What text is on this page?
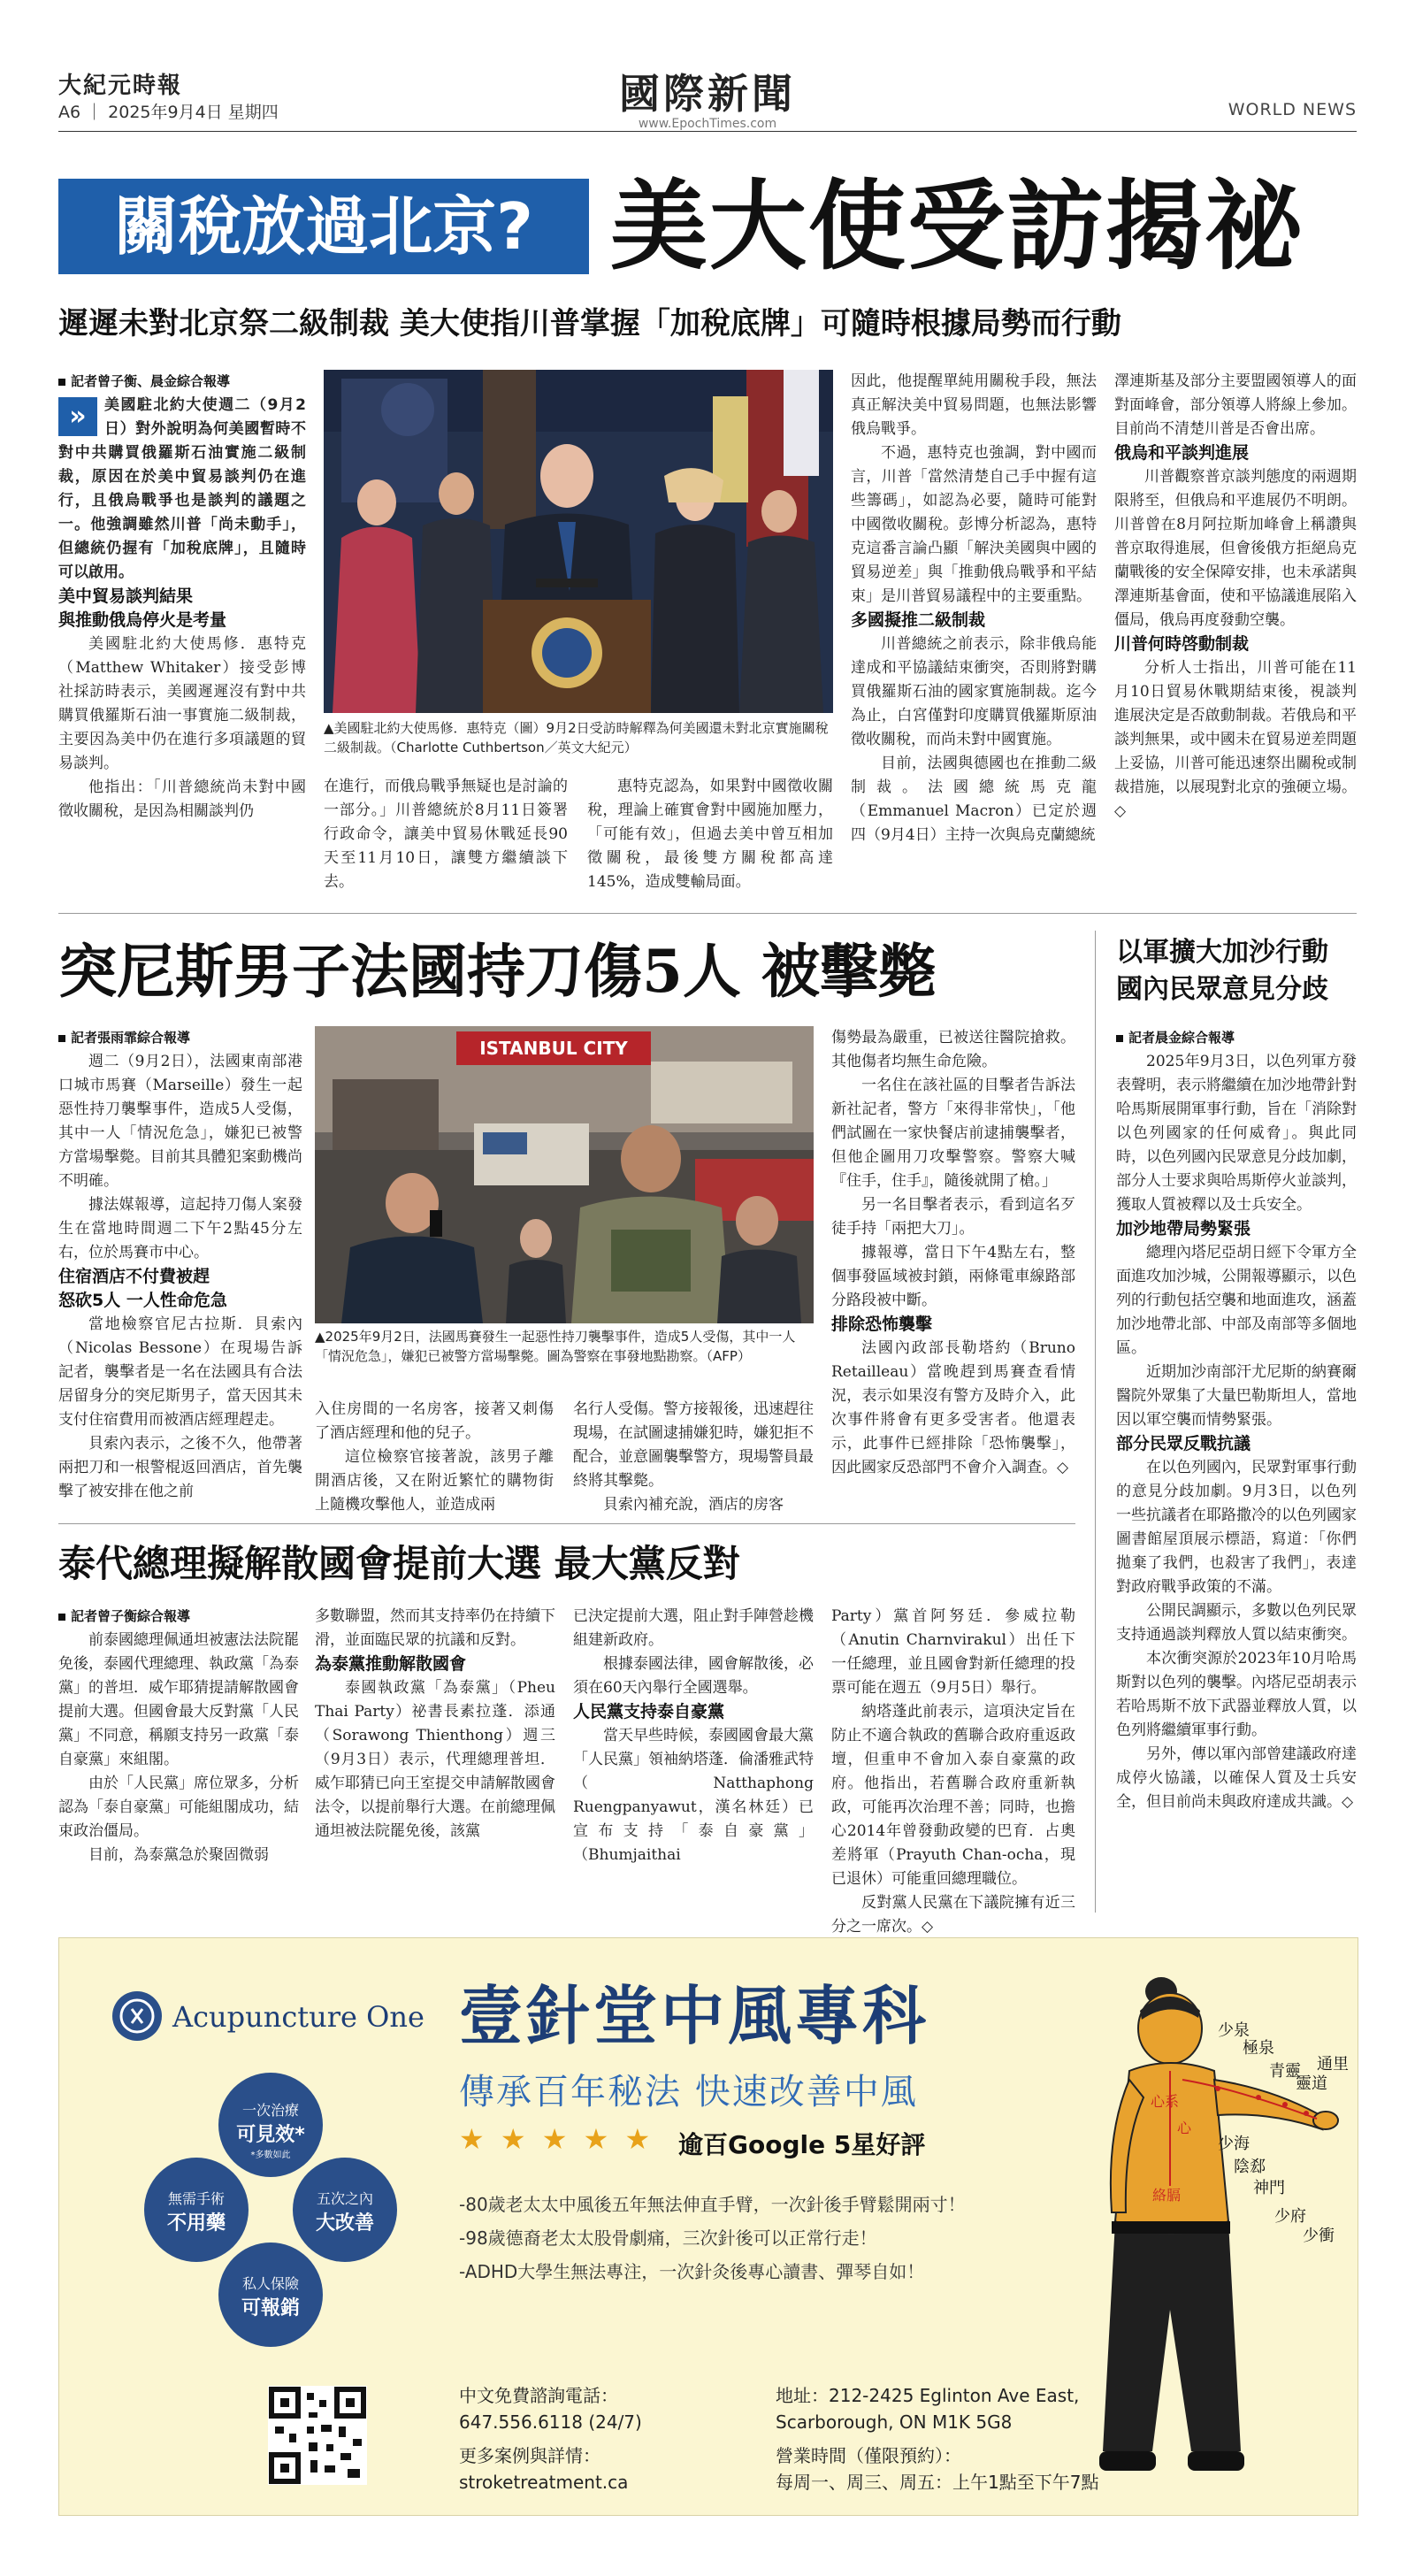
大紀元時報
A6 ｜ 2025年9月4日 星期四	國際新聞
www.EpochTimes.com
WORLD NEWS
關稅放過北京? 美大使受訪揭祕
遲遲未對北京祭二級制裁 美大使指川普掌握「加稅底牌」可隨時根據局勢而行動

記者曾子衡、晨金綜合報導

»	美國駐北約大使週二（9月2日）對外說明為何美國暫時不對中共購買俄羅斯石油實施二級制裁，原因在於美中貿易談判仍在進行，且俄烏戰爭也是談判的議題之一。他強調雖然川普「尚未動手」，但總統仍握有「加稅底牌」，且隨時可以啟用。

美中貿易談判結果
與推動俄烏停火是考量

美國駐北約大使馬修．惠特克（Matthew Whitaker）接受彭博社採訪時表示，美國遲遲沒有對中共購買俄羅斯石油一事實施二級制裁，主要因為美中仍在進行多項議題的貿易談判。

他指出：「川普總統尚未對中國徵收關稅，是因為相關談判仍

▲美國駐北約大使馬修．惠特克（圖）9月2日受訪時解釋為何美國還未對北京實施關稅二級制裁。（Charlotte Cuthbertson／英文大紀元）

在進行，而俄烏戰爭無疑也是討論的一部分。」川普總統於8月11日簽署行政命令，讓美中貿易休戰延長90天至11月10日，讓雙方繼續談下去。

惠特克認為，如果對中國徵收關稅，理論上確實會對中國施加壓力，「可能有效」，但過去美中曾互相加徵關稅，最後雙方關稅都高達145%，造成雙輸局面。

因此，他提醒單純用關稅手段，無法真正解決美中貿易問題，也無法影響俄烏戰爭。

不過，惠特克也強調，對中國而言，川普「當然清楚自己手中握有這些籌碼」，如認為必要，隨時可能對中國徵收關稅。彭博分析認為，惠特克這番言論凸顯「解決美國與中國的貿易逆差」與「推動俄烏戰爭和平結束」是川普貿易議程中的主要重點。

多國擬推二級制裁

川普總統之前表示，除非俄烏能達成和平協議結束衝突，否則將對購買俄羅斯石油的國家實施制裁。迄今為止，白宮僅對印度購買俄羅斯原油徵收關稅，而尚未對中國實施。

目前，法國與德國也在推動二級制裁。法國總統馬克龍（Emmanuel Macron）已定於週四（9月4日）主持一次與烏克蘭總統

澤連斯基及部分主要盟國領導人的面對面峰會，部分領導人將線上參加。目前尚不清楚川普是否會出席。

俄烏和平談判進展

川普觀察普京談判態度的兩週期限將至，但俄烏和平進展仍不明朗。川普曾在8月阿拉斯加峰會上稱讚與普京取得進展，但會後俄方拒絕烏克蘭戰後的安全保障安排，也未承諾與澤連斯基會面，使和平協議進展陷入僵局，俄烏再度發動空襲。

川普何時啓動制裁

分析人士指出，川普可能在11月10日貿易休戰期結束後，視談判進展決定是否啟動制裁。若俄烏和平談判無果，或中國未在貿易逆差問題上妥協，川普可能迅速祭出關稅或制裁措施，以展現對北京的強硬立場。◇

突尼斯男子法國持刀傷5人 被擊斃

記者張雨霏綜合報導

週二（9月2日），法國東南部港口城市馬賽（Marseille）發生一起惡性持刀襲擊事件，造成5人受傷，其中一人「情況危急」，嫌犯已被警方當場擊斃。目前其具體犯案動機尚不明確。

據法媒報導，這起持刀傷人案發生在當地時間週二下午2點45分左右，位於馬賽市中心。

住宿酒店不付費被趕
怒砍5人 一人性命危急

當地檢察官尼古拉斯．貝索內（Nicolas Bessone）在現場告訴記者，襲擊者是一名在法國具有合法居留身分的突尼斯男子，當天因其未支付住宿費用而被酒店經理趕走。

貝索內表示，之後不久，他帶著兩把刀和一根警棍返回酒店，首先襲擊了被安排在他之前

ISTANBUL CITY
▲2025年9月2日，法國馬賽發生一起惡性持刀襲擊事件，造成5人受傷，其中一人「情況危急」，嫌犯已被警方當場擊斃。圖為警察在事發地點勘察。（AFP）

入住房間的一名房客，接著又刺傷了酒店經理和他的兒子。

這位檢察官接著說，該男子離開酒店後，又在附近繁忙的購物街上隨機攻擊他人，並造成兩

名行人受傷。警方接報後，迅速趕往現場，在試圖逮捕嫌犯時，嫌犯拒不配合，並意圖襲擊警方，現場警員最終將其擊斃。

貝索內補充說，酒店的房客

傷勢最為嚴重，已被送往醫院搶救。其他傷者均無生命危險。

一名住在該社區的目擊者告訴法新社記者，警方「來得非常快」，「他們試圖在一家快餐店前逮捕襲擊者，但他企圖用刀攻擊警察。警察大喊『住手，住手』，隨後就開了槍。」

另一名目擊者表示，看到這名歹徒手持「兩把大刀」。

據報導，當日下午4點左右，整個事發區域被封鎖，兩條電車線路部分路段被中斷。

排除恐怖襲擊

法國內政部長勒塔約（Bruno Retailleau）當晚趕到馬賽查看情況，表示如果沒有警方及時介入，此次事件將會有更多受害者。他還表示，此事件已經排除「恐怖襲擊」，因此國家反恐部門不會介入調查。◇

以軍擴大加沙行動
國內民眾意見分歧

記者晨金綜合報導

2025年9月3日，以色列軍方發表聲明，表示將繼續在加沙地帶針對哈馬斯展開軍事行動，旨在「消除對以色列國家的任何威脅」。與此同時，以色列國內民眾意見分歧加劇，部分人士要求與哈馬斯停火並談判，獲取人質被釋以及士兵安全。

加沙地帶局勢緊張

總理內塔尼亞胡日經下令軍方全面進攻加沙城，公開報導顯示，以色列的行動包括空襲和地面進攻，涵蓋加沙地帶北部、中部及南部等多個地區。

近期加沙南部汗尤尼斯的納賽爾醫院外眾集了大量巴勒斯坦人，當地因以軍空襲而情勢緊張。

部分民眾反戰抗議

在以色列國內，民眾對軍事行動的意見分歧加劇。9月3日，以色列一些抗議者在耶路撒冷的以色列國家圖書館屋頂展示標語，寫道：「你們拋棄了我們，也殺害了我們」，表達對政府戰爭政策的不滿。

公開民調顯示，多數以色列民眾支持通過談判釋放人質以結束衝突。

本次衝突源於2023年10月哈馬斯對以色列的襲擊。內塔尼亞胡表示若哈馬斯不放下武器並釋放人質，以色列將繼續軍事行動。

另外，傳以軍內部曾建議政府達成停火協議，以確保人質及士兵安全，但目前尚未與政府達成共識。◇

泰代總理擬解散國會提前大選 最大黨反對

記者曾子衡綜合報導

前泰國總理佩通坦被憲法法院罷免後，泰國代理總理、執政黨「為泰黨」的普坦．威乍耶猜提請解散國會提前大選。但國會最大反對黨「人民黨」不同意，稱願支持另一政黨「泰自豪黨」來組閣。

由於「人民黨」席位眾多，分析認為「泰自豪黨」可能組閣成功，結束政治僵局。

目前，為泰黨急於聚固微弱

多數聯盟，然而其支持率仍在持續下滑，並面臨民眾的抗議和反對。

為泰黨推動解散國會

泰國執政黨「為泰黨」（Pheu Thai Party）祕書長素拉蓬．添通（Sorawong Thienthong）週三（9月3日）表示，代理總理普坦．威乍耶猜已向王室提交申請解散國會法令，以提前舉行大選。在前總理佩通坦被法院罷免後，該黨

已決定提前大選，阻止對手陣營趁機組建新政府。

根據泰國法律，國會解散後，必須在60天內舉行全國選舉。

人民黨支持泰自豪黨

當天早些時候，泰國國會最大黨「人民黨」領袖納塔蓬．倫潘雅武特（Natthaphong Ruengpanyawut，漢名林廷）已宣布支持「泰自豪黨」（Bhumjaithai

Party）黨首阿努廷．參威拉勒（Anutin Charnvirakul）出任下一任總理，並且國會對新任總理的投票可能在週五（9月5日）舉行。

納塔蓬此前表示，這項決定旨在防止不適合執政的舊聯合政府重返政壇，但重申不會加入泰自豪黨的政府。他指出，若舊聯合政府重新執政，可能再次治理不善；同時，也擔心2014年曾發動政變的巴育．占奧差將軍（Prayuth Chan-ocha，現已退休）可能重回總理職位。

反對黨人民黨在下議院擁有近三分之一席次。◇

Acupuncture One
一次治療
可見效*
*多數如此
無需手術
不用藥
五次之內
大改善
私人保險
可報銷
壹針堂中風專科
傳承百年秘法 快速改善中風
★ ★ ★ ★ ★ 逾百Google 5星好評
-80歲老太太中風後五年無法伸直手臂，一次針後手臂鬆開兩寸！
-98歲德裔老太太股骨劇痛，三次針後可以正常行走！
-ADHD大學生無法專注，一次針灸後專心讀書、彈琴自如！
中文免費諮詢電話：
647.556.6118 (24/7)
更多案例與詳情：
stroketreatment.ca
地址：212-2425 Eglinton Ave East,
Scarborough, ON M1K 5G8
營業時間（僅限預約）：
每周一、周三、周五：上午1點至下午7點
極泉
青靈
靈道
通里
少海
神門
少府
少衝
心系
心
絡膈
陰郄
少泉
